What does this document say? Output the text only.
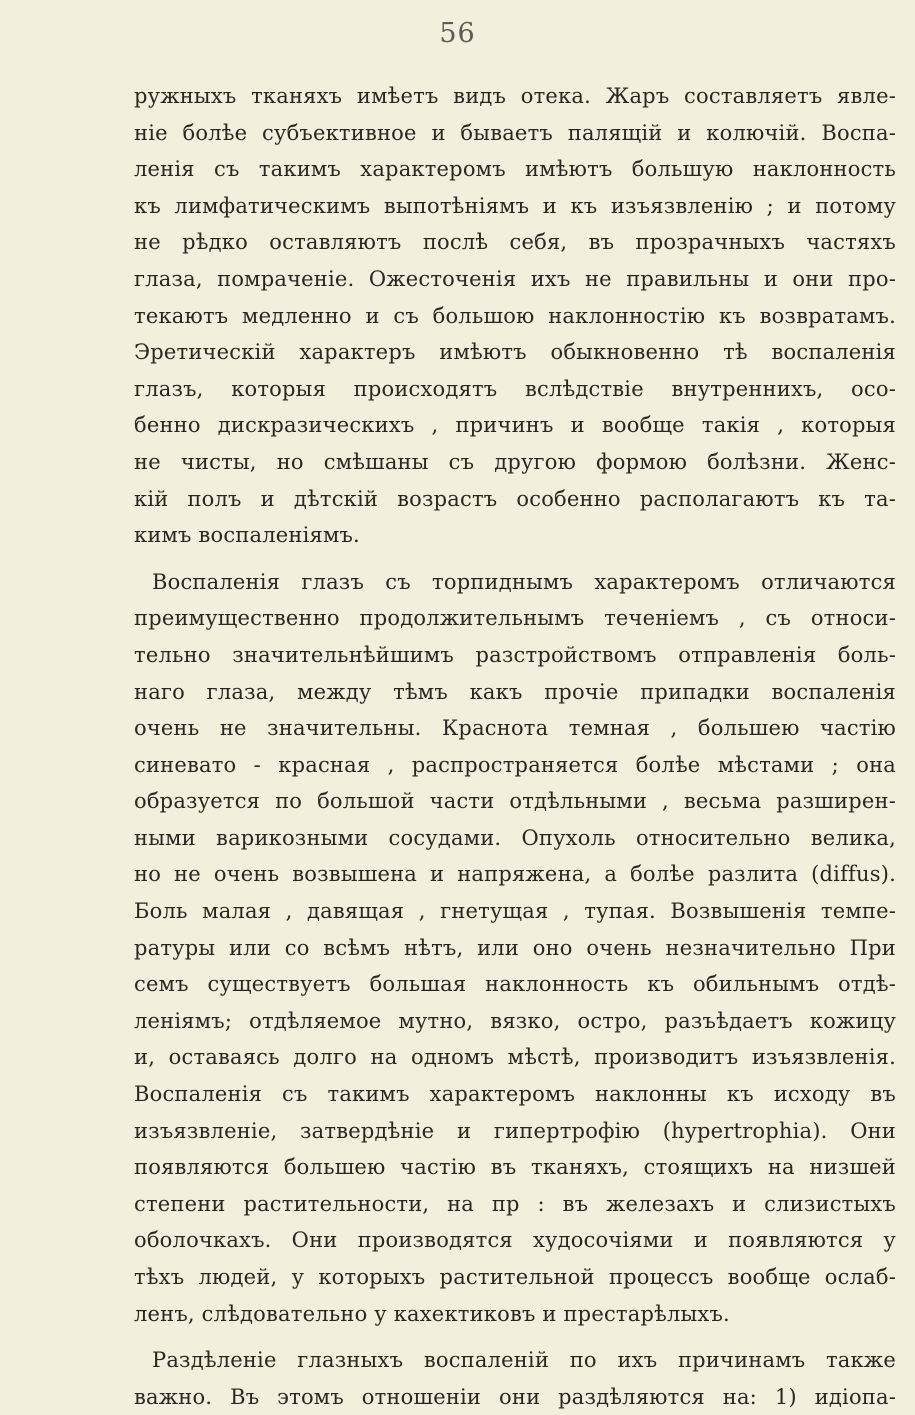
56
ружныхъ тканяхъ имѣетъ видъ отека. Жаръ составляетъ явле-
ніе болѣе субъективное и бываетъ палящій и колючій. Воспа-
ленія съ такимъ характеромъ имѣютъ большую наклонность
къ лимфатическимъ выпотѣніямъ и къ изъязвленію ; и потому
не рѣдко оставляютъ послѣ себя, въ прозрачныхъ частяхъ
глаза, помраченіе. Ожесточенія ихъ не правильны и они про-
текаютъ медленно и съ большою наклонностію къ возвратамъ.
Эретическій характеръ имѣютъ обыкновенно тѣ воспаленія
глазъ, которыя происходятъ вслѣдствіе внутреннихъ, осо-
бенно дискразическихъ , причинъ и вообще такія , которыя
не чисты, но смѣшаны съ другою формою болѣзни. Женс-
кій полъ и дѣтскій возрастъ особенно располагаютъ къ та-
кимъ воспаленіямъ.
Воспаленія глазъ съ торпиднымъ характеромъ отличаются
преимущественно продолжительнымъ теченіемъ , съ относи-
тельно значительнѣйшимъ разстройствомъ отправленія боль-
наго глаза, между тѣмъ какъ прочіе припадки воспаленія
очень не значительны. Краснота темная , большею частію
синевато - красная , распространяется болѣе мѣстами ; она
образуется по большой части отдѣльными , весьма разширен-
ными варикозными сосудами. Опухоль относительно велика,
но не очень возвышена и напряжена, а болѣе разлита (diffus).
Боль малая , давящая , гнетущая , тупая. Возвышенія темпе-
ратуры или со всѣмъ нѣтъ, или оно очень незначительно При
семъ существуетъ большая наклонность къ обильнымъ отдѣ-
леніямъ; отдѣляемое мутно, вязко, остро, разъѣдаетъ кожицу
и, оставаясь долго на одномъ мѣстѣ, производитъ изъязвленія.
Воспаленія съ такимъ характеромъ наклонны къ исходу въ
изъязвленіе, затвердѣніе и гипертрофію (hypertrophia). Они
появляются большею частію въ тканяхъ, стоящихъ на низшей
степени растительности, на пр : въ железахъ и слизистыхъ
оболочкахъ. Они производятся худосочіями и появляются у
тѣхъ людей, у которыхъ растительной процессъ вообще ослаб-
ленъ, слѣдовательно у кахектиковъ и престарѣлыхъ.
Раздѣленіе глазныхъ воспаленій по ихъ причинамъ также
важно. Въ этомъ отношеніи они раздѣляются на: 1) идіопа-
